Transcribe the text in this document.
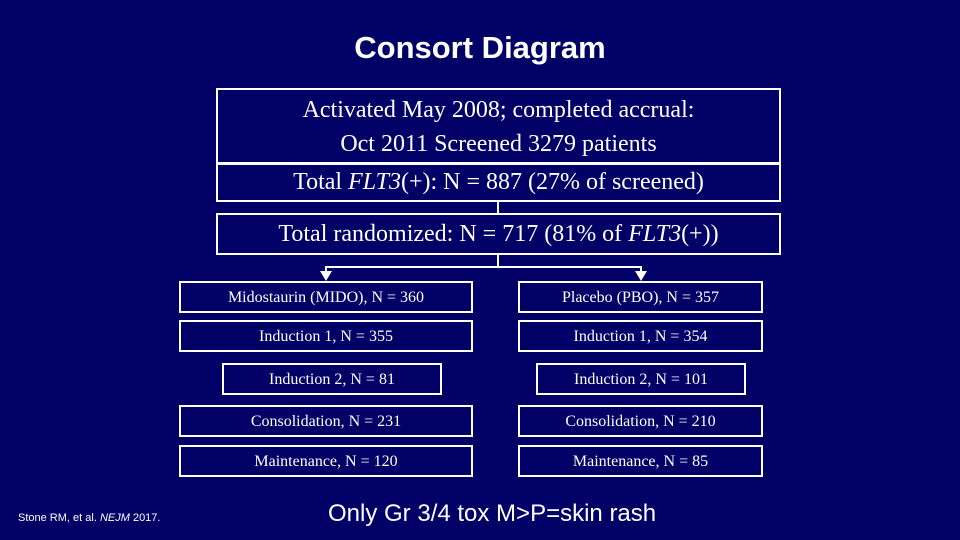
Consort Diagram
Activated May 2008; completed accrual:
Oct 2011 Screened 3279 patients
Total FLT3(+): N = 887 (27% of screened)
Total randomized: N = 717 (81% of FLT3(+))
Midostaurin (MIDO), N = 360
Induction 1, N = 355
Induction 2, N = 81
Consolidation, N = 231
Maintenance, N = 120
Placebo (PBO), N = 357
Induction 1, N = 354
Induction 2, N = 101
Consolidation, N = 210
Maintenance, N = 85
Stone RM, et al. NEJM 2017.	Only Gr 3/4 tox M>P=skin rash
